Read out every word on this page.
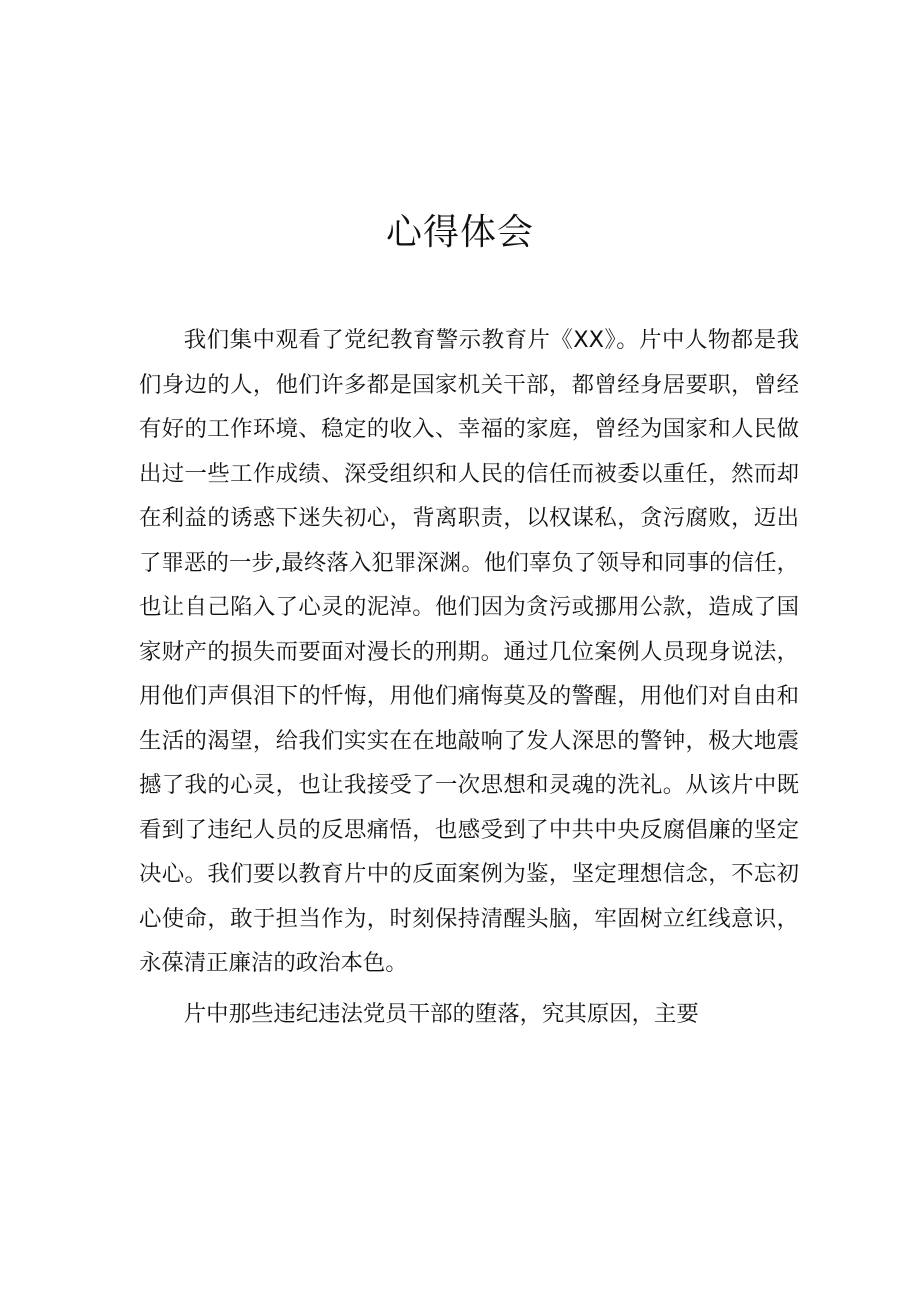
心得体会

我们集中观看了党纪教育警示教育片《XX》。片中人物都是我们身边的人，他们许多都是国家机关干部，都曾经身居要职，曾经有好的工作环境、稳定的收入、幸福的家庭，曾经为国家和人民做出过一些工作成绩、深受组织和人民的信任而被委以重任，然而却在利益的诱惑下迷失初心，背离职责，以权谋私，贪污腐败，迈出了罪恶的一步,最终落入犯罪深渊。他们辜负了领导和同事的信任，也让自己陷入了心灵的泥淖。他们因为贪污或挪用公款，造成了国家财产的损失而要面对漫长的刑期。通过几位案例人员现身说法，用他们声俱泪下的忏悔，用他们痛悔莫及的警醒，用他们对自由和生活的渴望，给我们实实在在地敲响了发人深思的警钟，极大地震撼了我的心灵，也让我接受了一次思想和灵魂的洗礼。从该片中既看到了违纪人员的反思痛悟，也感受到了中共中央反腐倡廉的坚定决心。我们要以教育片中的反面案例为鉴，坚定理想信念，不忘初心使命，敢于担当作为，时刻保持清醒头脑，牢固树立红线意识，永葆清正廉洁的政治本色。

片中那些违纪违法党员干部的堕落，究其原因，主要
